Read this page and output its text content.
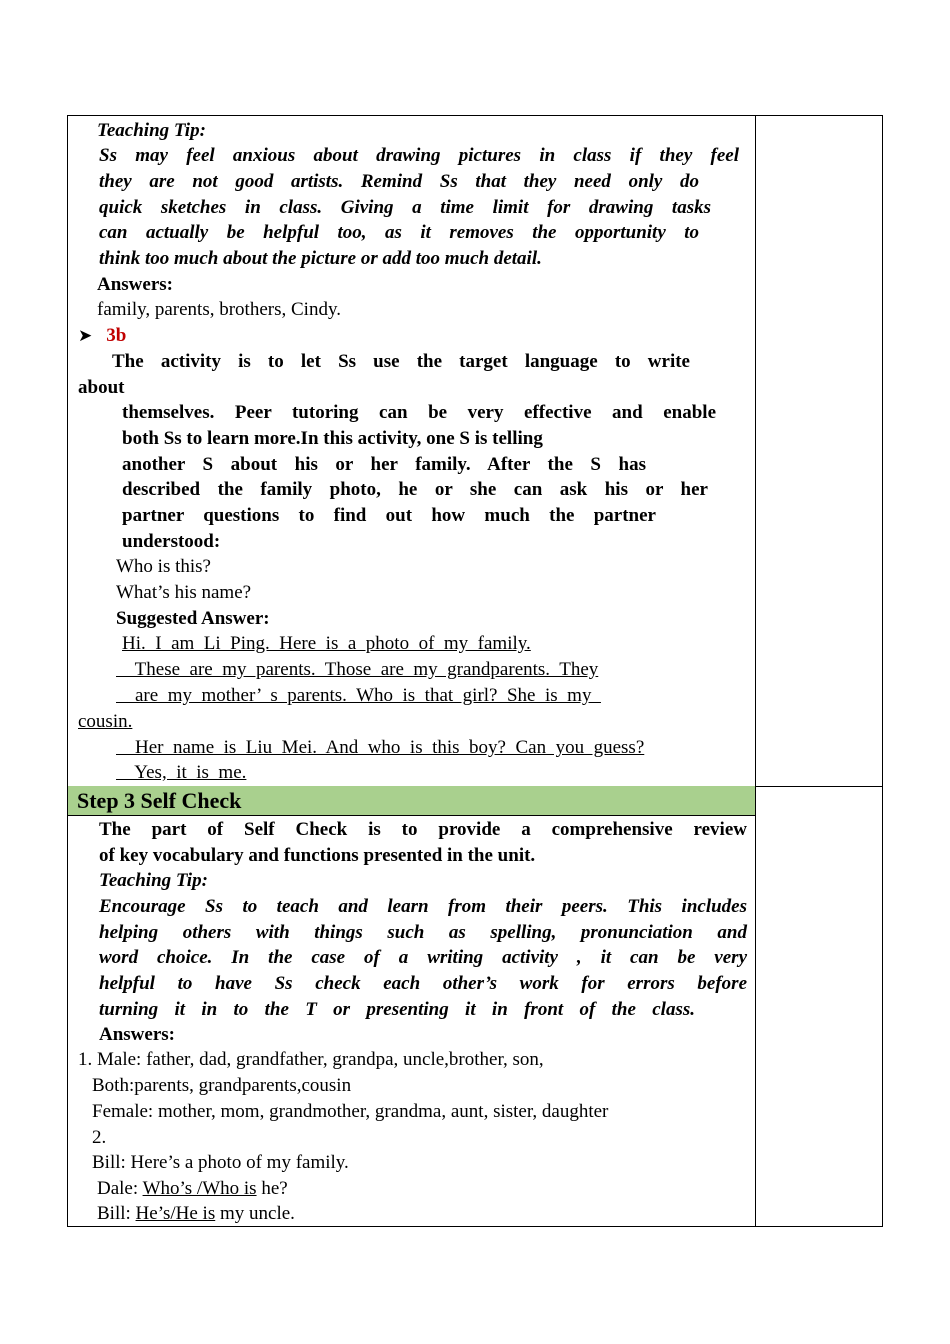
Teaching Tip:
Ss may feel anxious about drawing pictures in class if they feel
they are not good artists. Remind Ss that they need only do
quick sketches in class. Giving a time limit for drawing tasks
can actually be helpful too, as it removes the opportunity to
think too much about the picture or add too much detail.
Answers:
family, parents, brothers, Cindy.
➤ 3b
The activity is to let Ss use the target language to write
about
themselves. Peer tutoring can be very effective and enable
both Ss to learn more.In this activity, one S is telling
another S about his or her family. After the S has
described the family photo, he or she can ask his or her
partner questions to find out how much the partner
understood:
Who is this?
What’s his name?
Suggested Answer:
Hi.  I  am  Li  Ping.  Here  is  a  photo  of  my  family.
These  are  my  parents.  Those  are  my  grandparents.  They
are  my  mother’  s  parents.  Who  is  that  girl?  She  is  my
cousin.
Her  name  is  Liu  Mei.  And  who  is  this  boy?  Can  you  guess?
Yes,  it  is  me.
Step 3 Self Check
The part of Self Check is to provide a comprehensive review
of key vocabulary and functions presented in the unit.
Teaching Tip:
Encourage Ss to teach and learn from their peers. This includes
helping others with things such as spelling, pronunciation and
word choice. In the case of a writing activity , it can be very
helpful to have Ss check each other’s work for errors before
turning it in to the T or presenting it in front of the class.
Answers:
1. Male: father, dad, grandfather, grandpa, uncle,brother, son,
Both:parents, grandparents,cousin
Female: mother, mom, grandmother, grandma, aunt, sister, daughter
2.
Bill: Here’s a photo of my family.
Dale: Who’s /Who is he?
Bill: He’s/He is my uncle.
